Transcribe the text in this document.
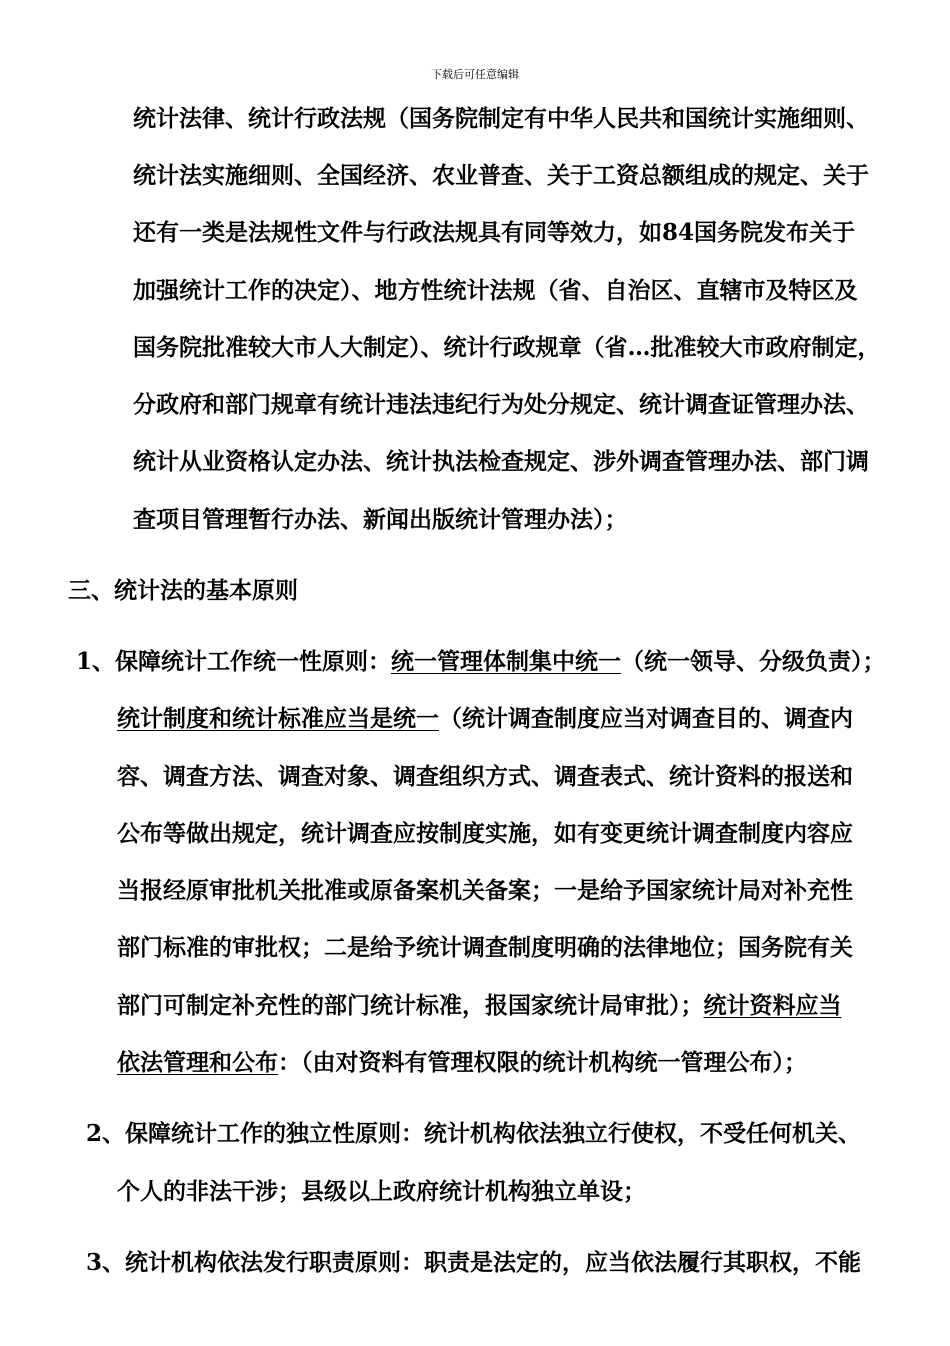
下载后可任意编辑
统计法律、统计行政法规（国务院制定有中华人民共和国统计实施细则、
统计法实施细则、全国经济、农业普查、关于工资总额组成的规定、关于
还有一类是法规性文件与行政法规具有同等效力，如84国务院发布关于
加强统计工作的决定）、地方性统计法规（省、自治区、直辖市及特区及
国务院批准较大市人大制定）、统计行政规章（省…批准较大市政府制定，
分政府和部门规章有统计违法违纪行为处分规定、统计调查证管理办法、
统计从业资格认定办法、统计执法检查规定、涉外调查管理办法、部门调
查项目管理暂行办法、新闻出版统计管理办法）；
三、统计法的基本原则
1、保障统计工作统一性原则：统一管理体制集中统一（统一领导、分级负责）；
统计制度和统计标准应当是统一（统计调查制度应当对调查目的、调查内
容、调查方法、调查对象、调查组织方式、调查表式、统计资料的报送和
公布等做出规定，统计调查应按制度实施，如有变更统计调查制度内容应
当报经原审批机关批准或原备案机关备案；一是给予国家统计局对补充性
部门标准的审批权；二是给予统计调查制度明确的法律地位；国务院有关
部门可制定补充性的部门统计标准，报国家统计局审批）；统计资料应当
依法管理和公布：（由对资料有管理权限的统计机构统一管理公布）；
2、保障统计工作的独立性原则：统计机构依法独立行使权，不受任何机关、
个人的非法干涉；县级以上政府统计机构独立单设；
3、统计机构依法发行职责原则：职责是法定的，应当依法履行其职权，不能
